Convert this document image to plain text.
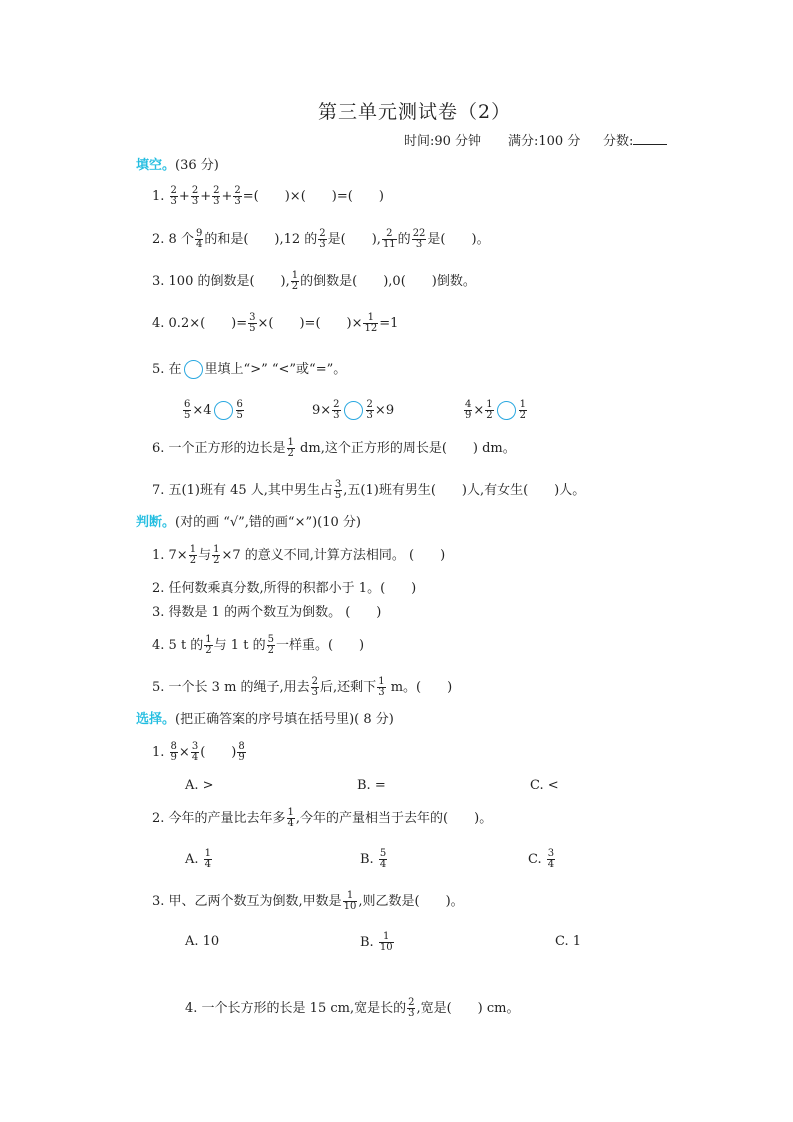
第三单元测试卷（2）
时间:90 分钟 满分:100 分 分数:
填空。(36 分)
1. $\frac{2}{3} + \frac{2}{3} + \frac{2}{3} + \frac{2}{3}$ =(　　)×(　　)=(　　)
2. 8 个 $\frac{9}{4}$ 的和是(　　),12 的 $\frac{2}{3}$ 是(　　), $\frac{2}{11}$ 的 $\frac{22}{3}$ 是(　　)。
3. 100 的倒数是(　　), $\frac{1}{2}$ 的倒数是(　　),0(　　)倒数。
4. 0.2×(　　)= $\frac{3}{5}$ ×(　　)=(　　)× $\frac{1}{12} =1$
5. 在 里填上“>” “<”或“=”。
$\frac{6}{5} \times 4 \frac{6}{5}$	$9\times \frac{2}{3}$	$\frac{2}{3} \times 9$	$\frac{4}{9} \times \frac{1}{2}$	$\frac{1}{2}$
6. 一个正方形的边长是 $\frac{1}{2}$ dm,这个正方形的周长是(　　) dm。
7. 五(1)班有 45 人,其中男生占 $\frac{3}{5}$ ,五(1)班有男生(　　)人,有女生(　　)人。
判断。(对的画 “√”,错的画“×”)(10 分)
1. $7\times \frac{1}{2}$ 与 $\frac{1}{2} \times 7$ 的意义不同,计算方法相同。 (　　)
2. 任何数乘真分数,所得的积都小于 1。(　　)
3. 得数是 1 的两个数互为倒数。 (　　)
4. 5 t 的 $\frac{1}{2}$ 与 1 t 的 $\frac{5}{2}$ 一样重。(　　)
5. 一个长 3 m 的绳子,用去 $\frac{2}{3}$ 后,还剩下 $\frac{1}{3}$ m。(　　)
选择。(把正确答案的序号填在括号里)( 8 分)
1. $\frac{8}{9} \times \frac{3}{4}$ (　　) $\frac{8}{9}$
A. >	B. =	C. <
2. 今年的产量比去年多 $\frac{1}{4}$ ,今年的产量相当于去年的(　　)。
A. $\frac{1}{4}$	B. $\frac{5}{4}$	C. $\frac{3}{4}$
3. 甲、乙两个数互为倒数,甲数是 $\frac{1}{10}$ ,则乙数是(　　)。
A. 10	B. $\frac{1}{10}$	C. 1
4. 一个长方形的长是 15 cm,宽是长的 $\frac{2}{3}$ ,宽是(　　) cm。
